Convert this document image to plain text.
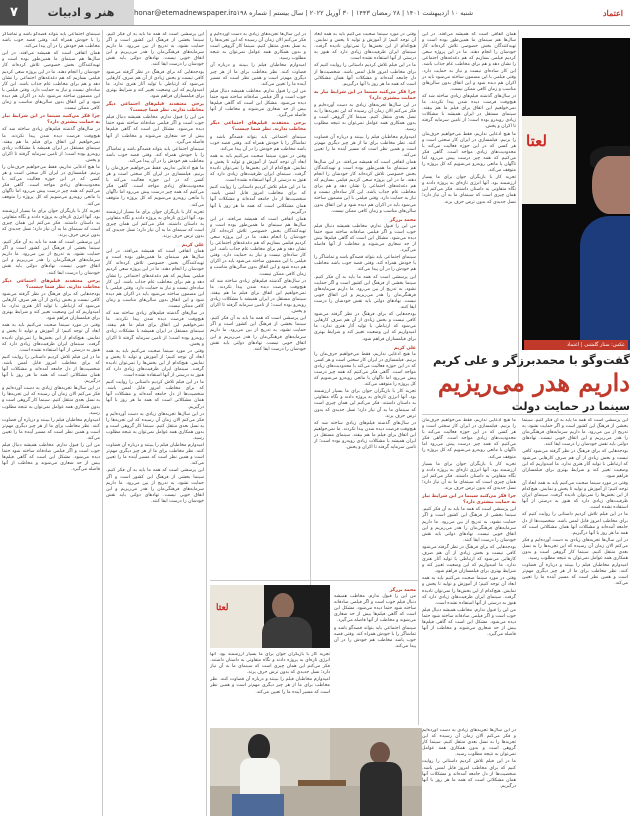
۷	هنر و ادبیات	honar@etemadnewspaper.ir شنبه ۱۰ اردیبهشت ۱۴۰۱ | ۲۸ رمضان ۱۴۴۳ | ۳۰ آوریل ۲۰۲۲ | سال بیستم | شماره ۵۱۹۸	اعتماد
لعتا
عکس: ستار گلشنی | اعتماد
گفت‌وگو با محمدبرزگر و علی کریم
داریم هدر می‌ریزیم
سینما در حمایت دولت

همان اتفاقی است که همیشه می‌افتد. در این سال‌ها هم سینمای ما همین‌طور بوده است و تهیه‌کنندگان بخش خصوصی تلاش کرده‌اند کار خودشان را انجام دهند. ما در این پروژه سعی کردیم فیلمی بسازیم که هم دغدغه‌های اجتماعی را نشان دهد و هم برای مخاطب عام جذاب باشد. این کار ساده‌ای نیست و نیاز به حمایت دارد. وقتی فیلمی با این مضمون ساخته می‌شود باید در اکران هم دیده شود و این اتفاق بدون سالن‌های مناسب و زمان کافی ممکن نیست.

در سال‌های گذشته فیلم‌های زیادی ساخته شد که هیچ‌وقت فرصت دیده شدن پیدا نکردند. ما نمی‌خواهیم این اتفاق برای فیلم ما هم بیفتد. سینمای مستقل در ایران همیشه با مشکلات زیادی روبه‌رو بوده است؛ از تامین سرمایه گرفته تا اکران و پخش.

ما هیچ ادعایی نداریم، فقط می‌خواهیم حرف‌مان را بزنیم. فیلمسازی در ایران کار سختی است و هر کسی که در این حوزه فعالیت می‌کند با محدودیت‌های زیادی مواجه است. گاهی فکر می‌کنیم که همه چیز درست پیش می‌رود اما ناگهان با مانعی روبه‌رو می‌شویم که کل پروژه را متوقف می‌کند.

تجربه کار با بازیگران جوان برای ما بسیار ارزشمند بود. آنها انرژی تازه‌ای به پروژه دادند و نگاه متفاوتی به داستان داشتند. فکر می‌کنم این همان چیزی است که سینمای ما به آن نیاز دارد؛ نسل جدیدی که بدون ترس حرف بزند.

این پرسشی است که همه ما باید به آن فکر کنیم. سینما بخشی از فرهنگ این کشور است و اگر حمایت نشود، به تدریج از بین می‌رود. ما داریم سرمایه‌های فرهنگی‌مان را هدر می‌ریزیم و این اتفاق خوبی نیست. نهادهای دولتی باید نقش خودشان را درست ایفا کنند.

بودجه‌هایی که برای فرهنگ در نظر گرفته می‌شود کافی نیست و بخش زیادی از آن هم صرف کارهایی می‌شود که ارتباطی با تولید آثار هنری ندارد. ما امیدواریم که این وضعیت تغییر کند و شرایط بهتری برای فیلمسازان فراهم شود.

وقتی در مورد سینما صحبت می‌کنیم باید به همه ابعاد آن توجه کنیم؛ از آموزش و تولید تا پخش و نمایش. هیچ‌کدام از این بخش‌ها را نمی‌توان نادیده گرفت. سینمای ایران ظرفیت‌های زیادی دارد که هنوز به درستی از آنها استفاده نشده است.

ما در این فیلم تلاش کردیم داستانی را روایت کنیم که برای مخاطب امروز قابل لمس باشد. شخصیت‌ها از دل جامعه آمده‌اند و مشکلات آنها همان مشکلاتی است که همه ما هر روز با آنها درگیریم.

در این سال‌ها تجربه‌های زیادی به دست آورده‌ایم و فکر می‌کنم الان زمان آن رسیده که این تجربه‌ها را به نسل بعدی منتقل کنیم. سینما کار گروهی است و بدون همکاری همه عوامل نمی‌توان به نتیجه مطلوب رسید.

امیدوارم مخاطبان فیلم را ببینند و درباره آن قضاوت کنند. نظر مخاطب برای ما از هر چیز دیگری مهم‌تر است و همین نظر است که مسیر آینده ما را تعیین می‌کند.

ما هیچ ادعایی نداریم، فقط می‌خواهیم حرف‌مان را بزنیم. فیلمسازی در ایران کار سختی است و هر کسی که در این حوزه فعالیت می‌کند با محدودیت‌های زیادی مواجه است. گاهی فکر می‌کنیم که همه چیز درست پیش می‌رود اما ناگهان با مانعی روبه‌رو می‌شویم که کل پروژه را متوقف می‌کند.

تجربه کار با بازیگران جوان برای ما بسیار ارزشمند بود. آنها انرژی تازه‌ای به پروژه دادند و نگاه متفاوتی به داستان داشتند. فکر می‌کنم این همان چیزی است که سینمای ما به آن نیاز دارد؛ نسل جدیدی که بدون ترس حرف بزند.

چرا فکر می‌کنید سینما در این شرایط نیاز به حمایت بیشتری دارد؟

این پرسشی است که همه ما باید به آن فکر کنیم. سینما بخشی از فرهنگ این کشور است و اگر حمایت نشود، به تدریج از بین می‌رود. ما داریم سرمایه‌های فرهنگی‌مان را هدر می‌ریزیم و این اتفاق خوبی نیست. نهادهای دولتی باید نقش خودشان را درست ایفا کنند.

بودجه‌هایی که برای فرهنگ در نظر گرفته می‌شود کافی نیست و بخش زیادی از آن هم صرف کارهایی می‌شود که ارتباطی با تولید آثار هنری ندارد. ما امیدواریم که این وضعیت تغییر کند و شرایط بهتری برای فیلمسازان فراهم شود.

وقتی در مورد سینما صحبت می‌کنیم باید به همه ابعاد آن توجه کنیم؛ از آموزش و تولید تا پخش و نمایش. هیچ‌کدام از این بخش‌ها را نمی‌توان نادیده گرفت. سینمای ایران ظرفیت‌های زیادی دارد که هنوز به درستی از آنها استفاده نشده است.

من این را قبول ندارم. مخاطب همیشه دنبال فیلم خوب است و اگر فیلمی صادقانه ساخته شود حتما دیده می‌شود. مشکل این است که گاهی فیلم‌ها بیش از حد شعاری می‌شوند و مخاطب از آنها فاصله می‌گیرد.

وقتی در مورد سینما صحبت می‌کنیم باید به همه ابعاد آن توجه کنیم؛ از آموزش و تولید تا پخش و نمایش. هیچ‌کدام از این بخش‌ها را نمی‌توان نادیده گرفت. سینمای ایران ظرفیت‌های زیادی دارد که هنوز به درستی از آنها استفاده نشده است.

ما در این فیلم تلاش کردیم داستانی را روایت کنیم که برای مخاطب امروز قابل لمس باشد. شخصیت‌ها از دل جامعه آمده‌اند و مشکلات آنها همان مشکلاتی است که همه ما هر روز با آنها درگیریم.

چرا فکر می‌کنید سینما در این شرایط نیاز به حمایت بیشتری دارد؟

در این سال‌ها تجربه‌های زیادی به دست آورده‌ایم و فکر می‌کنم الان زمان آن رسیده که این تجربه‌ها را به نسل بعدی منتقل کنیم. سینما کار گروهی است و بدون همکاری همه عوامل نمی‌توان به نتیجه مطلوب رسید.

امیدوارم مخاطبان فیلم را ببینند و درباره آن قضاوت کنند. نظر مخاطب برای ما از هر چیز دیگری مهم‌تر است و همین نظر است که مسیر آینده ما را تعیین می‌کند.

همان اتفاقی است که همیشه می‌افتد. در این سال‌ها هم سینمای ما همین‌طور بوده است و تهیه‌کنندگان بخش خصوصی تلاش کرده‌اند کار خودشان را انجام دهند. ما در این پروژه سعی کردیم فیلمی بسازیم که هم دغدغه‌های اجتماعی را نشان دهد و هم برای مخاطب عام جذاب باشد. این کار ساده‌ای نیست و نیاز به حمایت دارد. وقتی فیلمی با این مضمون ساخته می‌شود باید در اکران هم دیده شود و این اتفاق بدون سالن‌های مناسب و زمان کافی ممکن نیست.

محمد برزگر

من این را قبول ندارم. مخاطب همیشه دنبال فیلم خوب است و اگر فیلمی صادقانه ساخته شود حتما دیده می‌شود. مشکل این است که گاهی فیلم‌ها بیش از حد شعاری می‌شوند و مخاطب از آنها فاصله می‌گیرد.

سینمای اجتماعی باید بتواند قصه‌گو باشد و تماشاگر را با خودش همراه کند. وقتی قصه خوب باشد مخاطب هم خودش را در آن پیدا می‌کند.

این پرسشی است که همه ما باید به آن فکر کنیم. سینما بخشی از فرهنگ این کشور است و اگر حمایت نشود، به تدریج از بین می‌رود. ما داریم سرمایه‌های فرهنگی‌مان را هدر می‌ریزیم و این اتفاق خوبی نیست. نهادهای دولتی باید نقش خودشان را درست ایفا کنند.

بودجه‌هایی که برای فرهنگ در نظر گرفته می‌شود کافی نیست و بخش زیادی از آن هم صرف کارهایی می‌شود که ارتباطی با تولید آثار هنری ندارد. ما امیدواریم که این وضعیت تغییر کند و شرایط بهتری برای فیلمسازان فراهم شود.

علی کریم

ما هیچ ادعایی نداریم، فقط می‌خواهیم حرف‌مان را بزنیم. فیلمسازی در ایران کار سختی است و هر کسی که در این حوزه فعالیت می‌کند با محدودیت‌های زیادی مواجه است. گاهی فکر می‌کنیم که همه چیز درست پیش می‌رود اما ناگهان با مانعی روبه‌رو می‌شویم که کل پروژه را متوقف می‌کند.

تجربه کار با بازیگران جوان برای ما بسیار ارزشمند بود. آنها انرژی تازه‌ای به پروژه دادند و نگاه متفاوتی به داستان داشتند. فکر می‌کنم این همان چیزی است که سینمای ما به آن نیاز دارد؛ نسل جدیدی که بدون ترس حرف بزند.

در سال‌های گذشته فیلم‌های زیادی ساخته شد که هیچ‌وقت فرصت دیده شدن پیدا نکردند. ما نمی‌خواهیم این اتفاق برای فیلم ما هم بیفتد. سینمای مستقل در ایران همیشه با مشکلات زیادی روبه‌رو بوده است؛ از تامین سرمایه گرفته تا اکران و پخش.

در این سال‌ها تجربه‌های زیادی به دست آورده‌ایم و فکر می‌کنم الان زمان آن رسیده که این تجربه‌ها را به نسل بعدی منتقل کنیم. سینما کار گروهی است و بدون همکاری همه عوامل نمی‌توان به نتیجه مطلوب رسید.

امیدوارم مخاطبان فیلم را ببینند و درباره آن قضاوت کنند. نظر مخاطب برای ما از هر چیز دیگری مهم‌تر است و همین نظر است که مسیر آینده ما را تعیین می‌کند.

من این را قبول ندارم. مخاطب همیشه دنبال فیلم خوب است و اگر فیلمی صادقانه ساخته شود حتما دیده می‌شود. مشکل این است که گاهی فیلم‌ها بیش از حد شعاری می‌شوند و مخاطب از آنها فاصله می‌گیرد.

برخی معتقدند فیلم‌های اجتماعی دیگر مخاطب ندارند. نظر شما چیست؟

سینمای اجتماعی باید بتواند قصه‌گو باشد و تماشاگر را با خودش همراه کند. وقتی قصه خوب باشد مخاطب هم خودش را در آن پیدا می‌کند.

وقتی در مورد سینما صحبت می‌کنیم باید به همه ابعاد آن توجه کنیم؛ از آموزش و تولید تا پخش و نمایش. هیچ‌کدام از این بخش‌ها را نمی‌توان نادیده گرفت. سینمای ایران ظرفیت‌های زیادی دارد که هنوز به درستی از آنها استفاده نشده است.

ما در این فیلم تلاش کردیم داستانی را روایت کنیم که برای مخاطب امروز قابل لمس باشد. شخصیت‌ها از دل جامعه آمده‌اند و مشکلات آنها همان مشکلاتی است که همه ما هر روز با آنها درگیریم.

همان اتفاقی است که همیشه می‌افتد. در این سال‌ها هم سینمای ما همین‌طور بوده است و تهیه‌کنندگان بخش خصوصی تلاش کرده‌اند کار خودشان را انجام دهند. ما در این پروژه سعی کردیم فیلمی بسازیم که هم دغدغه‌های اجتماعی را نشان دهد و هم برای مخاطب عام جذاب باشد. این کار ساده‌ای نیست و نیاز به حمایت دارد. وقتی فیلمی با این مضمون ساخته می‌شود باید در اکران هم دیده شود و این اتفاق بدون سالن‌های مناسب و زمان کافی ممکن نیست.

در سال‌های گذشته فیلم‌های زیادی ساخته شد که هیچ‌وقت فرصت دیده شدن پیدا نکردند. ما نمی‌خواهیم این اتفاق برای فیلم ما هم بیفتد. سینمای مستقل در ایران همیشه با مشکلات زیادی روبه‌رو بوده است؛ از تامین سرمایه گرفته تا اکران و پخش.

این پرسشی است که همه ما باید به آن فکر کنیم. سینما بخشی از فرهنگ این کشور است و اگر حمایت نشود، به تدریج از بین می‌رود. ما داریم سرمایه‌های فرهنگی‌مان را هدر می‌ریزیم و این اتفاق خوبی نیست. نهادهای دولتی باید نقش خودشان را درست ایفا کنند.

لعتا
محمد برزگر

من این را قبول ندارم. مخاطب همیشه دنبال فیلم خوب است و اگر فیلمی صادقانه ساخته شود حتما دیده می‌شود. مشکل این است که گاهی فیلم‌ها بیش از حد شعاری می‌شوند و مخاطب از آنها فاصله می‌گیرد.

سینمای اجتماعی باید بتواند قصه‌گو باشد و تماشاگر را با خودش همراه کند. وقتی قصه خوب باشد مخاطب هم خودش را در آن پیدا می‌کند.

تجربه کار با بازیگران جوان برای ما بسیار ارزشمند بود. آنها انرژی تازه‌ای به پروژه دادند و نگاه متفاوتی به داستان داشتند. فکر می‌کنم این همان چیزی است که سینمای ما به آن نیاز دارد؛ نسل جدیدی که بدون ترس حرف بزند.

امیدوارم مخاطبان فیلم را ببینند و درباره آن قضاوت کنند. نظر مخاطب برای ما از هر چیز دیگری مهم‌تر است و همین نظر است که مسیر آینده ما را تعیین می‌کند.

در این سال‌ها تجربه‌های زیادی به دست آورده‌ایم و فکر می‌کنم الان زمان آن رسیده که این تجربه‌ها را به نسل بعدی منتقل کنیم. سینما کار گروهی است و بدون همکاری همه عوامل نمی‌توان به نتیجه مطلوب رسید.

ما در این فیلم تلاش کردیم داستانی را روایت کنیم که برای مخاطب امروز قابل لمس باشد. شخصیت‌ها از دل جامعه آمده‌اند و مشکلات آنها همان مشکلاتی است که همه ما هر روز با آنها درگیریم.

این پرسشی است که همه ما باید به آن فکر کنیم. سینما بخشی از فرهنگ این کشور است و اگر حمایت نشود، به تدریج از بین می‌رود. ما داریم سرمایه‌های فرهنگی‌مان را هدر می‌ریزیم و این اتفاق خوبی نیست. نهادهای دولتی باید نقش خودشان را درست ایفا کنند.

بودجه‌هایی که برای فرهنگ در نظر گرفته می‌شود کافی نیست و بخش زیادی از آن هم صرف کارهایی می‌شود که ارتباطی با تولید آثار هنری ندارد. ما امیدواریم که این وضعیت تغییر کند و شرایط بهتری برای فیلمسازان فراهم شود.

برخی معتقدند فیلم‌های اجتماعی دیگر مخاطب ندارند. نظر شما چیست؟

من این را قبول ندارم. مخاطب همیشه دنبال فیلم خوب است و اگر فیلمی صادقانه ساخته شود حتما دیده می‌شود. مشکل این است که گاهی فیلم‌ها بیش از حد شعاری می‌شوند و مخاطب از آنها فاصله می‌گیرد.

سینمای اجتماعی باید بتواند قصه‌گو باشد و تماشاگر را با خودش همراه کند. وقتی قصه خوب باشد مخاطب هم خودش را در آن پیدا می‌کند.

ما هیچ ادعایی نداریم، فقط می‌خواهیم حرف‌مان را بزنیم. فیلمسازی در ایران کار سختی است و هر کسی که در این حوزه فعالیت می‌کند با محدودیت‌های زیادی مواجه است. گاهی فکر می‌کنیم که همه چیز درست پیش می‌رود اما ناگهان با مانعی روبه‌رو می‌شویم که کل پروژه را متوقف می‌کند.

تجربه کار با بازیگران جوان برای ما بسیار ارزشمند بود. آنها انرژی تازه‌ای به پروژه دادند و نگاه متفاوتی به داستان داشتند. فکر می‌کنم این همان چیزی است که سینمای ما به آن نیاز دارد؛ نسل جدیدی که بدون ترس حرف بزند.

علی کریم

همان اتفاقی است که همیشه می‌افتد. در این سال‌ها هم سینمای ما همین‌طور بوده است و تهیه‌کنندگان بخش خصوصی تلاش کرده‌اند کار خودشان را انجام دهند. ما در این پروژه سعی کردیم فیلمی بسازیم که هم دغدغه‌های اجتماعی را نشان دهد و هم برای مخاطب عام جذاب باشد. این کار ساده‌ای نیست و نیاز به حمایت دارد. وقتی فیلمی با این مضمون ساخته می‌شود باید در اکران هم دیده شود و این اتفاق بدون سالن‌های مناسب و زمان کافی ممکن نیست.

در سال‌های گذشته فیلم‌های زیادی ساخته شد که هیچ‌وقت فرصت دیده شدن پیدا نکردند. ما نمی‌خواهیم این اتفاق برای فیلم ما هم بیفتد. سینمای مستقل در ایران همیشه با مشکلات زیادی روبه‌رو بوده است؛ از تامین سرمایه گرفته تا اکران و پخش.

وقتی در مورد سینما صحبت می‌کنیم باید به همه ابعاد آن توجه کنیم؛ از آموزش و تولید تا پخش و نمایش. هیچ‌کدام از این بخش‌ها را نمی‌توان نادیده گرفت. سینمای ایران ظرفیت‌های زیادی دارد که هنوز به درستی از آنها استفاده نشده است.

ما در این فیلم تلاش کردیم داستانی را روایت کنیم که برای مخاطب امروز قابل لمس باشد. شخصیت‌ها از دل جامعه آمده‌اند و مشکلات آنها همان مشکلاتی است که همه ما هر روز با آنها درگیریم.

در این سال‌ها تجربه‌های زیادی به دست آورده‌ایم و فکر می‌کنم الان زمان آن رسیده که این تجربه‌ها را به نسل بعدی منتقل کنیم. سینما کار گروهی است و بدون همکاری همه عوامل نمی‌توان به نتیجه مطلوب رسید.

امیدوارم مخاطبان فیلم را ببینند و درباره آن قضاوت کنند. نظر مخاطب برای ما از هر چیز دیگری مهم‌تر است و همین نظر است که مسیر آینده ما را تعیین می‌کند.

این پرسشی است که همه ما باید به آن فکر کنیم. سینما بخشی از فرهنگ این کشور است و اگر حمایت نشود، به تدریج از بین می‌رود. ما داریم سرمایه‌های فرهنگی‌مان را هدر می‌ریزیم و این اتفاق خوبی نیست. نهادهای دولتی باید نقش خودشان را درست ایفا کنند.

سینمای اجتماعی باید بتواند قصه‌گو باشد و تماشاگر را با خودش همراه کند. وقتی قصه خوب باشد مخاطب هم خودش را در آن پیدا می‌کند.

همان اتفاقی است که همیشه می‌افتد. در این سال‌ها هم سینمای ما همین‌طور بوده است و تهیه‌کنندگان بخش خصوصی تلاش کرده‌اند کار خودشان را انجام دهند. ما در این پروژه سعی کردیم فیلمی بسازیم که هم دغدغه‌های اجتماعی را نشان دهد و هم برای مخاطب عام جذاب باشد. این کار ساده‌ای نیست و نیاز به حمایت دارد. وقتی فیلمی با این مضمون ساخته می‌شود باید در اکران هم دیده شود و این اتفاق بدون سالن‌های مناسب و زمان کافی ممکن نیست.

چرا فکر می‌کنید سینما در این شرایط نیاز به حمایت بیشتری دارد؟

در سال‌های گذشته فیلم‌های زیادی ساخته شد که هیچ‌وقت فرصت دیده شدن پیدا نکردند. ما نمی‌خواهیم این اتفاق برای فیلم ما هم بیفتد. سینمای مستقل در ایران همیشه با مشکلات زیادی روبه‌رو بوده است؛ از تامین سرمایه گرفته تا اکران و پخش.

ما هیچ ادعایی نداریم، فقط می‌خواهیم حرف‌مان را بزنیم. فیلمسازی در ایران کار سختی است و هر کسی که در این حوزه فعالیت می‌کند با محدودیت‌های زیادی مواجه است. گاهی فکر می‌کنیم که همه چیز درست پیش می‌رود اما ناگهان با مانعی روبه‌رو می‌شویم که کل پروژه را متوقف می‌کند.

تجربه کار با بازیگران جوان برای ما بسیار ارزشمند بود. آنها انرژی تازه‌ای به پروژه دادند و نگاه متفاوتی به داستان داشتند. فکر می‌کنم این همان چیزی است که سینمای ما به آن نیاز دارد؛ نسل جدیدی که بدون ترس حرف بزند.

این پرسشی است که همه ما باید به آن فکر کنیم. سینما بخشی از فرهنگ این کشور است و اگر حمایت نشود، به تدریج از بین می‌رود. ما داریم سرمایه‌های فرهنگی‌مان را هدر می‌ریزیم و این اتفاق خوبی نیست. نهادهای دولتی باید نقش خودشان را درست ایفا کنند.

برخی معتقدند فیلم‌های اجتماعی دیگر مخاطب ندارند. نظر شما چیست؟

بودجه‌هایی که برای فرهنگ در نظر گرفته می‌شود کافی نیست و بخش زیادی از آن هم صرف کارهایی می‌شود که ارتباطی با تولید آثار هنری ندارد. ما امیدواریم که این وضعیت تغییر کند و شرایط بهتری برای فیلمسازان فراهم شود.

وقتی در مورد سینما صحبت می‌کنیم باید به همه ابعاد آن توجه کنیم؛ از آموزش و تولید تا پخش و نمایش. هیچ‌کدام از این بخش‌ها را نمی‌توان نادیده گرفت. سینمای ایران ظرفیت‌های زیادی دارد که هنوز به درستی از آنها استفاده نشده است.

ما در این فیلم تلاش کردیم داستانی را روایت کنیم که برای مخاطب امروز قابل لمس باشد. شخصیت‌ها از دل جامعه آمده‌اند و مشکلات آنها همان مشکلاتی است که همه ما هر روز با آنها درگیریم.

در این سال‌ها تجربه‌های زیادی به دست آورده‌ایم و فکر می‌کنم الان زمان آن رسیده که این تجربه‌ها را به نسل بعدی منتقل کنیم. سینما کار گروهی است و بدون همکاری همه عوامل نمی‌توان به نتیجه مطلوب رسید.

امیدوارم مخاطبان فیلم را ببینند و درباره آن قضاوت کنند. نظر مخاطب برای ما از هر چیز دیگری مهم‌تر است و همین نظر است که مسیر آینده ما را تعیین می‌کند.

من این را قبول ندارم. مخاطب همیشه دنبال فیلم خوب است و اگر فیلمی صادقانه ساخته شود حتما دیده می‌شود. مشکل این است که گاهی فیلم‌ها بیش از حد شعاری می‌شوند و مخاطب از آنها فاصله می‌گیرد.
